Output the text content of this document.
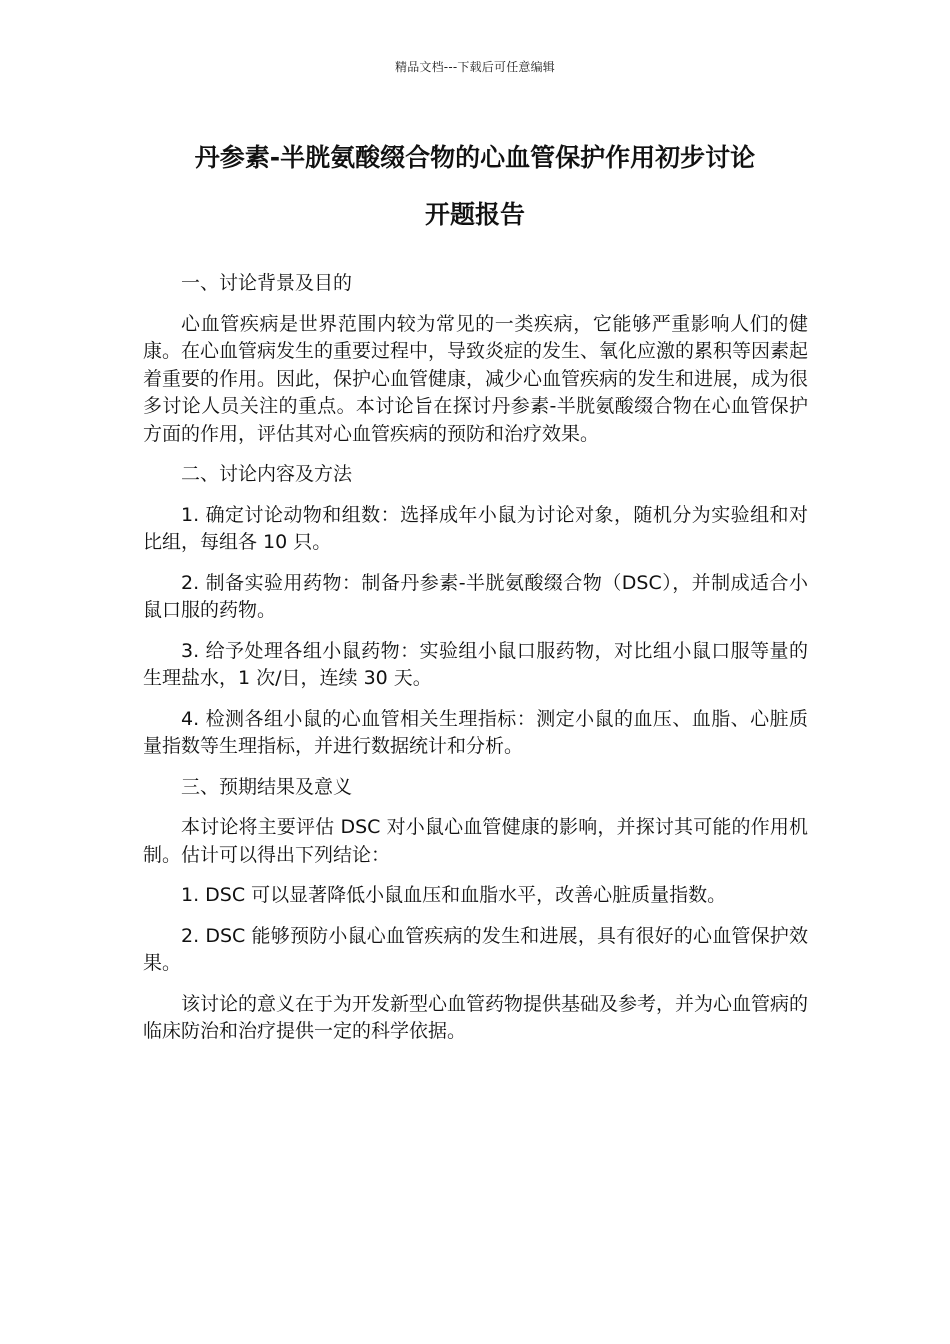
精品文档---下载后可任意编辑
丹参素-半胱氨酸缀合物的心血管保护作用初步讨论
开题报告
一、讨论背景及目的

心血管疾病是世界范围内较为常见的一类疾病，它能够严重影响人们的健康。在心血管病发生的重要过程中，导致炎症的发生、氧化应激的累积等因素起着重要的作用。因此，保护心血管健康，减少心血管疾病的发生和进展，成为很多讨论人员关注的重点。本讨论旨在探讨丹参素-半胱氨酸缀合物在心血管保护方面的作用，评估其对心血管疾病的预防和治疗效果。

二、讨论内容及方法

1. 确定讨论动物和组数：选择成年小鼠为讨论对象，随机分为实验组和对比组，每组各 10 只。

2. 制备实验用药物：制备丹参素-半胱氨酸缀合物（DSC），并制成适合小鼠口服的药物。

3. 给予处理各组小鼠药物：实验组小鼠口服药物，对比组小鼠口服等量的生理盐水，1 次/日，连续 30 天。

4. 检测各组小鼠的心血管相关生理指标：测定小鼠的血压、血脂、心脏质量指数等生理指标，并进行数据统计和分析。

三、预期结果及意义

本讨论将主要评估 DSC 对小鼠心血管健康的影响，并探讨其可能的作用机制。估计可以得出下列结论：

1. DSC 可以显著降低小鼠血压和血脂水平，改善心脏质量指数。

2. DSC 能够预防小鼠心血管疾病的发生和进展，具有很好的心血管保护效果。

该讨论的意义在于为开发新型心血管药物提供基础及参考，并为心血管病的临床防治和治疗提供一定的科学依据。
